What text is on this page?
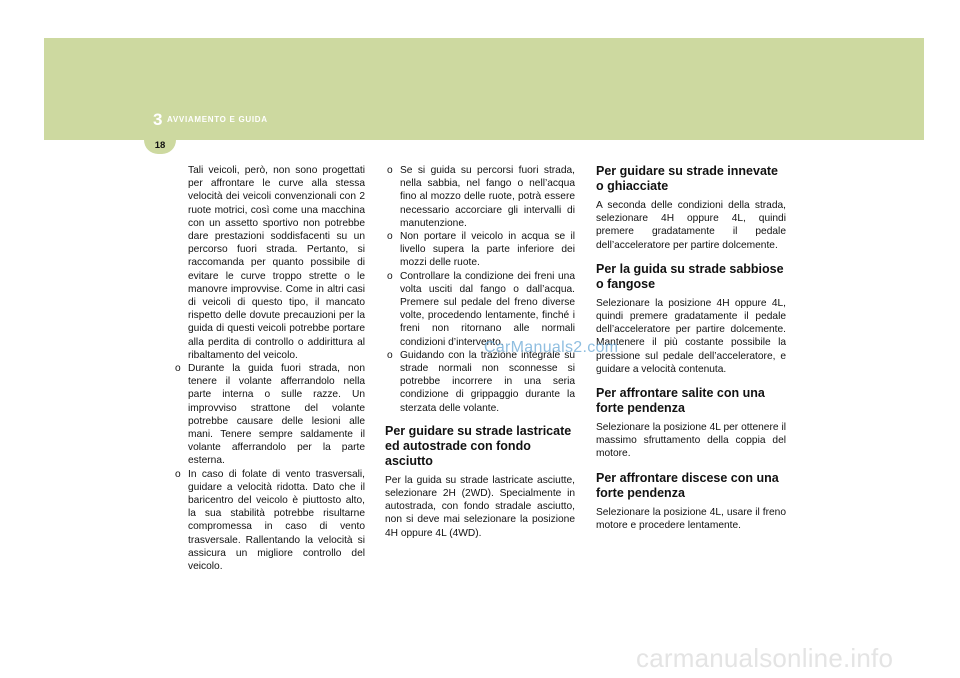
3 AVVIAMENTO E GUIDA
18

Tali veicoli, però, non sono progettati per affrontare le curve alla stessa velocità dei veicoli convenzionali con 2 ruote motrici, così come una macchina con un assetto sportivo non potrebbe dare prestazioni soddisfacenti su un percorso fuori strada. Pertanto, si raccomanda per quanto possibile di evitare le curve troppo strette o le manovre improvvise. Come in altri casi di veicoli di questo tipo, il mancato rispetto delle dovute precauzioni per la guida di questi veicoli potrebbe portare alla perdita di controllo o addirittura al ribaltamento del veicolo.

o Durante la guida fuori strada, non tenere il volante afferrandolo nella parte interna o sulle razze. Un improvviso strattone del volante potrebbe causare delle lesioni alle mani. Tenere sempre saldamente il volante afferrandolo per la parte esterna.
o In caso di folate di vento trasversali, guidare a velocità ridotta. Dato che il baricentro del veicolo è piuttosto alto, la sua stabilità potrebbe risultarne compromessa in caso di vento trasversale. Rallentando la velocità si assicura un migliore controllo del veicolo.
o Se si guida su percorsi fuori strada, nella sabbia, nel fango o nell’acqua fino al mozzo delle ruote, potrà essere necessario accorciare gli intervalli di manutenzione.
o Non portare il veicolo in acqua se il livello supera la parte inferiore dei mozzi delle ruote.
o Controllare la condizione dei freni una volta usciti dal fango o dall’acqua. Premere sul pedale del freno diverse volte, procedendo lentamente, finché i freni non ritornano alle normali condizioni d’intervento.
o Guidando con la trazione integrale su strade normali non sconnesse si potrebbe incorrere in una seria condizione di grippaggio durante la sterzata delle volante.
Per guidare su strade lastricate ed autostrade con fondo asciutto

Per la guida su strade lastricate asciutte, selezionare 2H (2WD). Specialmente in autostrada, con fondo stradale asciutto, non si deve mai selezionare la posizione 4H oppure 4L (4WD).

Per guidare su strade innevate o ghiacciate

A seconda delle condizioni della strada, selezionare 4H oppure 4L, quindi premere gradatamente il pedale dell’acceleratore per partire dolcemente.

Per la guida su strade sabbiose o fangose

Selezionare la posizione 4H oppure 4L, quindi premere gradatamente il pedale dell’acceleratore per partire dolcemente. Mantenere il più costante possibile la pressione sul pedale dell’acceleratore, e guidare a velocità contenuta.

Per affrontare salite con una forte pendenza

Selezionare la posizione 4L per ottenere il massimo sfruttamento della coppia del motore.

Per affrontare discese con una forte pendenza

Selezionare la posizione 4L, usare il freno motore e procedere lentamente.

CarManuals2.com
carmanualsonline.info
